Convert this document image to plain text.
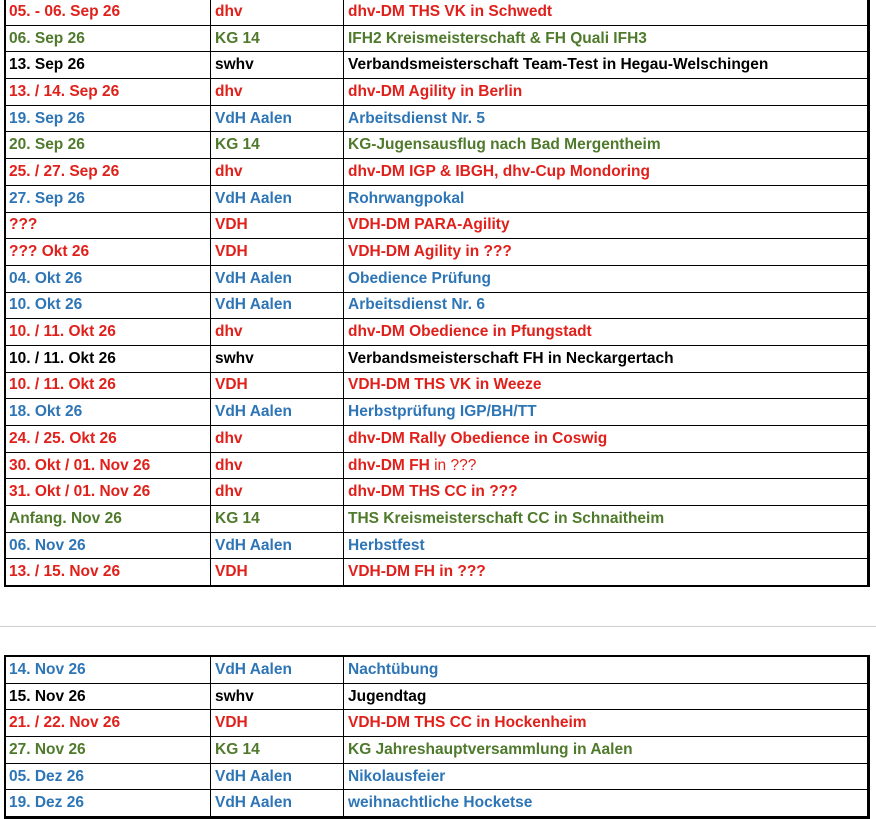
05. - 06. Sep 26	dhv	dhv-DM THS VK in Schwedt
06. Sep 26	KG 14	IFH2 Kreismeisterschaft & FH Quali IFH3
13. Sep 26	swhv	Verbandsmeisterschaft Team-Test in Hegau-Welschingen
13. / 14. Sep 26	dhv	dhv-DM Agility in Berlin
19. Sep 26	VdH Aalen	Arbeitsdienst Nr. 5
20. Sep 26	KG 14	KG-Jugensausflug nach Bad Mergentheim
25. / 27. Sep 26	dhv	dhv-DM IGP & IBGH, dhv-Cup Mondoring
27. Sep 26	VdH Aalen	Rohrwangpokal
???	VDH	VDH-DM PARA-Agility
??? Okt 26	VDH	VDH-DM Agility in ???
04. Okt 26	VdH Aalen	Obedience Prüfung
10. Okt 26	VdH Aalen	Arbeitsdienst Nr. 6
10. / 11. Okt 26	dhv	dhv-DM Obedience in Pfungstadt
10. / 11. Okt 26	swhv	Verbandsmeisterschaft FH in Neckargertach
10. / 11. Okt 26	VDH	VDH-DM THS VK in Weeze
18. Okt 26	VdH Aalen	Herbstprüfung IGP/BH/TT
24. / 25. Okt 26	dhv	dhv-DM Rally Obedience in Coswig
30. Okt / 01. Nov 26	dhv	dhv-DM FH in ???
31. Okt / 01. Nov 26	dhv	dhv-DM THS CC in ???
Anfang. Nov 26	KG 14	THS Kreismeisterschaft CC in Schnaitheim
06. Nov 26	VdH Aalen	Herbstfest
13. / 15. Nov 26	VDH	VDH-DM FH in ???
14. Nov 26	VdH Aalen	Nachtübung
15. Nov 26	swhv	Jugendtag
21. / 22. Nov 26	VDH	VDH-DM THS CC in Hockenheim
27. Nov 26	KG 14	KG Jahreshauptversammlung in Aalen
05. Dez 26	VdH Aalen	Nikolausfeier
19. Dez 26	VdH Aalen	weihnachtliche Hocketse
